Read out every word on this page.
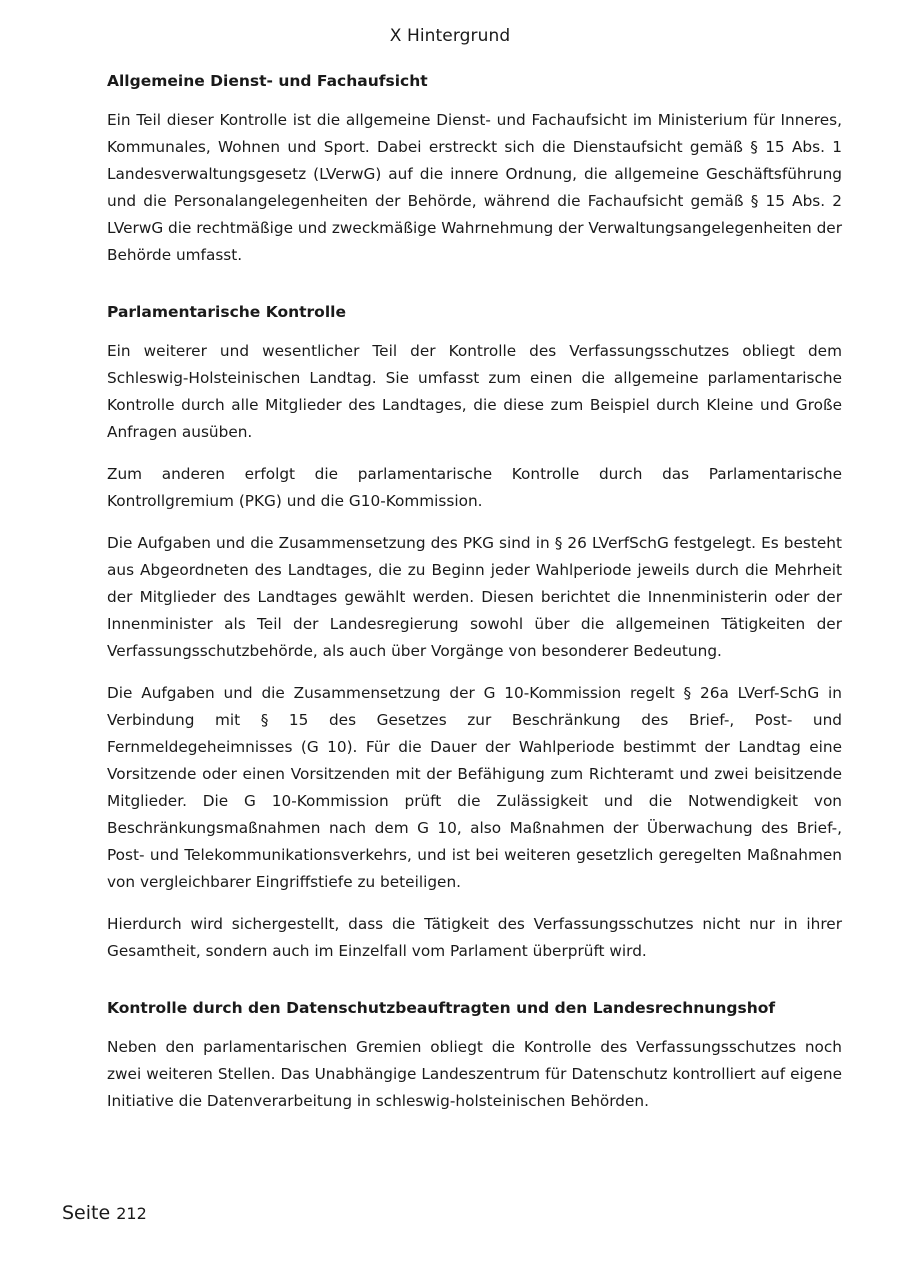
X Hintergrund
Allgemeine Dienst- und Fachaufsicht

Ein Teil dieser Kontrolle ist die allgemeine Dienst- und Fachaufsicht im Ministerium für Inneres, Kommunales, Wohnen und Sport. Dabei erstreckt sich die Dienstaufsicht gemäß § 15 Abs. 1 Landesverwaltungsgesetz (LVerwG) auf die innere Ordnung, die allgemeine Geschäftsführung und die Personalangelegenheiten der Behörde, während die Fachaufsicht gemäß § 15 Abs. 2 LVerwG die rechtmäßige und zweckmäßige Wahrnehmung der Verwaltungsangelegenheiten der Behörde umfasst.

Parlamentarische Kontrolle

Ein weiterer und wesentlicher Teil der Kontrolle des Verfassungsschutzes obliegt dem Schleswig-Holsteinischen Landtag. Sie umfasst zum einen die allgemeine parlamentarische Kontrolle durch alle Mitglieder des Landtages, die diese zum Beispiel durch Kleine und Große Anfragen ausüben.

Zum anderen erfolgt die parlamentarische Kontrolle durch das Parlamentarische Kontrollgremium (PKG) und die G10-Kommission.

Die Aufgaben und die Zusammensetzung des PKG sind in § 26 LVerfSchG festgelegt. Es besteht aus Abgeordneten des Landtages, die zu Beginn jeder Wahlperiode jeweils durch die Mehrheit der Mitglieder des Landtages gewählt werden. Diesen berichtet die Innenministerin oder der Innenminister als Teil der Landesregierung sowohl über die allgemeinen Tätigkeiten der Verfassungsschutzbehörde, als auch über Vorgänge von besonderer Bedeutung.

Die Aufgaben und die Zusammensetzung der G 10-Kommission regelt § 26a LVerf-SchG in Verbindung mit § 15 des Gesetzes zur Beschränkung des Brief-, Post- und Fernmeldegeheimnisses (G 10). Für die Dauer der Wahlperiode bestimmt der Landtag eine Vorsitzende oder einen Vorsitzenden mit der Befähigung zum Richteramt und zwei beisitzende Mitglieder. Die G 10-Kommission prüft die Zulässigkeit und die Notwendigkeit von Beschränkungsmaßnahmen nach dem G 10, also Maßnahmen der Überwachung des Brief-, Post- und Telekommunikationsverkehrs, und ist bei weiteren gesetzlich geregelten Maßnahmen von vergleichbarer Eingriffstiefe zu beteiligen.

Hierdurch wird sichergestellt, dass die Tätigkeit des Verfassungsschutzes nicht nur in ihrer Gesamtheit, sondern auch im Einzelfall vom Parlament überprüft wird.

Kontrolle durch den Datenschutzbeauftragten und den Landesrechnungshof

Neben den parlamentarischen Gremien obliegt die Kontrolle des Verfassungsschutzes noch zwei weiteren Stellen. Das Unabhängige Landeszentrum für Datenschutz kontrolliert auf eigene Initiative die Datenverarbeitung in schleswig-holsteinischen Behörden.

Seite 212
